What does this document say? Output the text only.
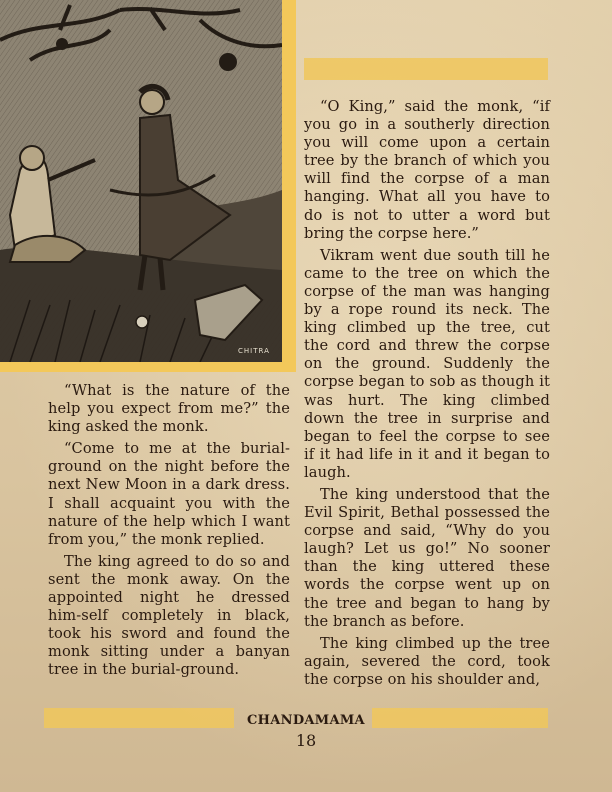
CHITRA

“What is the nature of the help you expect from me?” the king asked the monk.

“Come to me at the burial-ground on the night before the next New Moon in a dark dress. I shall acquaint you with the nature of the help which I want from you,” the monk replied.

The king agreed to do so and sent the monk away. On the appointed night he dressed him-self completely in black, took his sword and found the monk sitting under a banyan tree in the burial-ground.

“O King,” said the monk, “if you go in a southerly direction you will come upon a certain tree by the branch of which you will find the corpse of a man hanging. What all you have to do is not to utter a word but bring the corpse here.”

Vikram went due south till he came to the tree on which the corpse of the man was hanging by a rope round its neck. The king climbed up the tree, cut the cord and threw the corpse on the ground. Suddenly the corpse began to sob as though it was hurt. The king climbed down the tree in surprise and began to feel the corpse to see if it had life in it and it began to laugh.

The king understood that the Evil Spirit, Bethal possessed the corpse and said, “Why do you laugh? Let us go!” No sooner than the king uttered these words the corpse went up on the tree and began to hang by the branch as before.

The king climbed up the tree again, severed the cord, took the corpse on his shoulder and,

CHANDAMAMA
18
